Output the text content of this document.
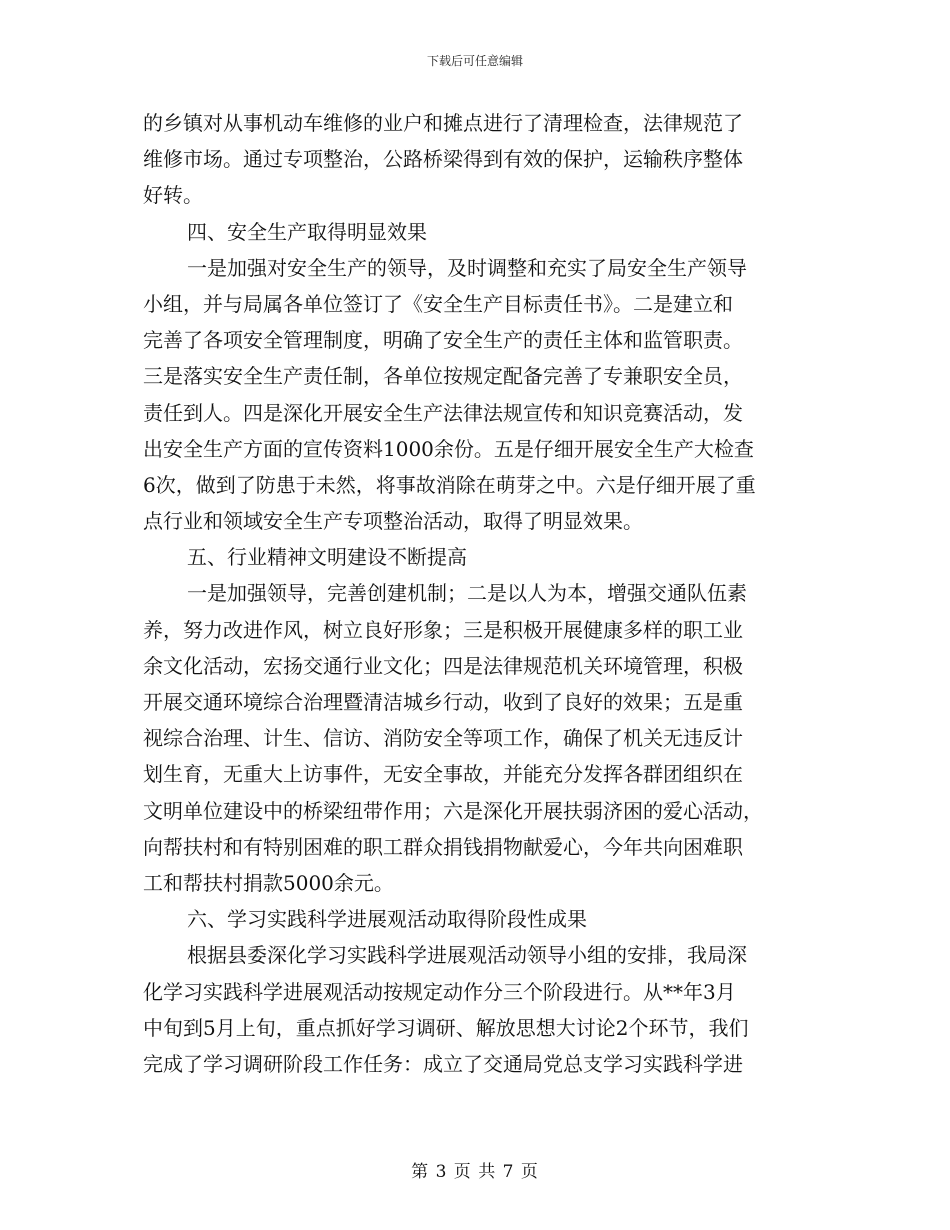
下载后可任意编辑
的乡镇对从事机动车维修的业户和摊点进行了清理检查，法律规范了
维修市场。通过专项整治，公路桥梁得到有效的保护，运输秩序整体
好转。
四、安全生产取得明显效果
一是加强对安全生产的领导，及时调整和充实了局安全生产领导
小组，并与局属各单位签订了《安全生产目标责任书》。二是建立和
完善了各项安全管理制度，明确了安全生产的责任主体和监管职责。
三是落实安全生产责任制，各单位按规定配备完善了专兼职安全员，
责任到人。四是深化开展安全生产法律法规宣传和知识竞赛活动，发
出安全生产方面的宣传资料1000余份。五是仔细开展安全生产大检查
6次，做到了防患于未然，将事故消除在萌芽之中。六是仔细开展了重
点行业和领域安全生产专项整治活动，取得了明显效果。
五、行业精神文明建设不断提高
一是加强领导，完善创建机制；二是以人为本，增强交通队伍素
养，努力改进作风，树立良好形象；三是积极开展健康多样的职工业
余文化活动，宏扬交通行业文化；四是法律规范机关环境管理，积极
开展交通环境综合治理暨清洁城乡行动，收到了良好的效果；五是重
视综合治理、计生、信访、消防安全等项工作，确保了机关无违反计
划生育，无重大上访事件，无安全事故，并能充分发挥各群团组织在
文明单位建设中的桥梁纽带作用；六是深化开展扶弱济困的爱心活动，
向帮扶村和有特别困难的职工群众捐钱捐物献爱心，今年共向困难职
工和帮扶村捐款5000余元。
六、学习实践科学进展观活动取得阶段性成果
根据县委深化学习实践科学进展观活动领导小组的安排，我局深
化学习实践科学进展观活动按规定动作分三个阶段进行。从**年3月
中旬到5月上旬，重点抓好学习调研、解放思想大讨论2个环节，我们
完成了学习调研阶段工作任务：成立了交通局党总支学习实践科学进
第 3 页 共 7 页
